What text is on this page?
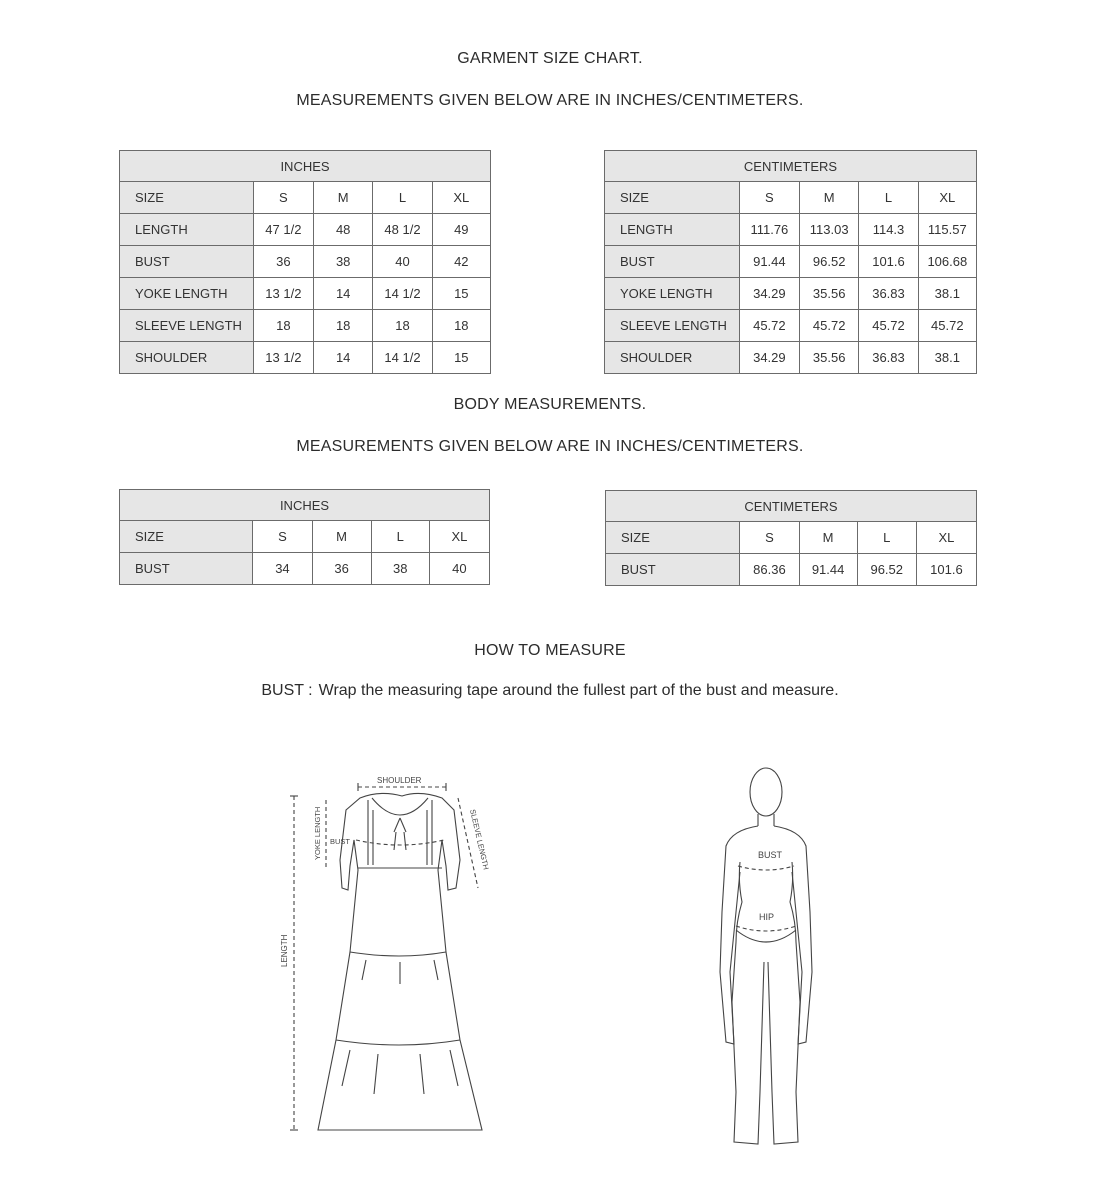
GARMENT SIZE CHART.
MEASUREMENTS GIVEN BELOW ARE IN INCHES/CENTIMETERS.
INCHES				
SIZE	S	M	L	XL
LENGTH	47 1/2	48	48 1/2	49
BUST	36	38	40	42
YOKE LENGTH	13 1/2	14	14 1/2	15
SLEEVE LENGTH	18	18	18	18
SHOULDER	13 1/2	14	14 1/2	15
CENTIMETERS				
SIZE	S	M	L	XL
LENGTH	111.76	113.03	114.3	115.57
BUST	91.44	96.52	101.6	106.68
YOKE LENGTH	34.29	35.56	36.83	38.1
SLEEVE LENGTH	45.72	45.72	45.72	45.72
SHOULDER	34.29	35.56	36.83	38.1
BODY MEASUREMENTS.
MEASUREMENTS GIVEN BELOW ARE IN INCHES/CENTIMETERS.
INCHES				
SIZE	S	M	L	XL
BUST	34	36	38	40
CENTIMETERS				
SIZE	S	M	L	XL
BUST	86.36	91.44	96.52	101.6
HOW TO MEASURE
BUST : Wrap the measuring tape around the fullest part of the bust and measure.
SHOULDER
LENGTH
YOKE LENGTH	SLEEVE LENGTH
BUST
BUST
HIP
